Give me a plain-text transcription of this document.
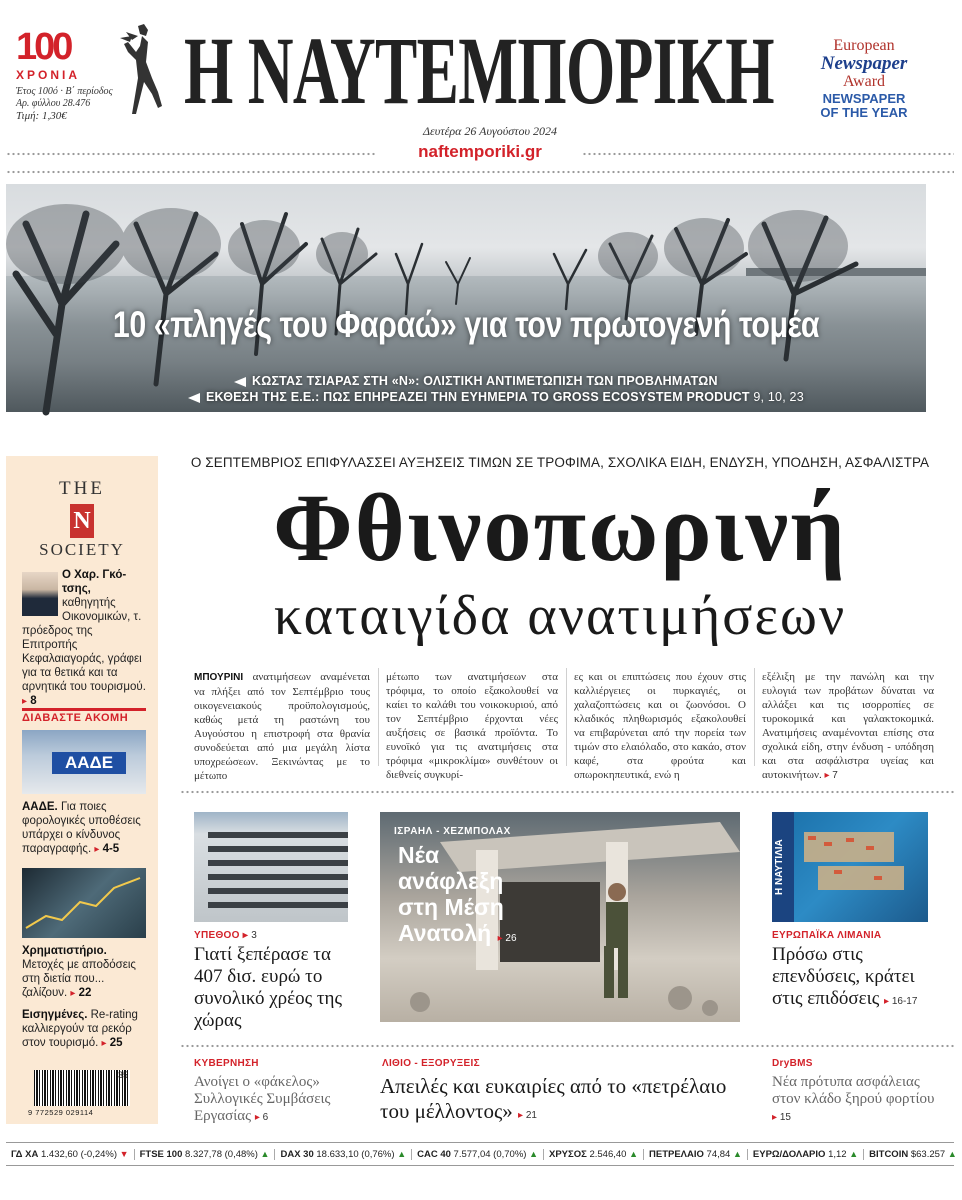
100
ΧΡΟΝΙΑ
Έτος 100ό · Β΄ περίοδος
Αρ. φύλλου 28.476
Τιμή: 1,30€	Η ΝΑΥΤΕΜΠΟΡΙΚΗ
Δευτέρα 26 Αυγούστου 2024
naftemporiki.gr
European
Newspaper
Award
NEWSPAPER
OF THE YEAR
10 «πληγές του Φαραώ» για τον πρωτογενή τομέα
ΚΩΣΤΑΣ ΤΣΙΑΡΑΣ ΣΤΗ «Ν»: ΟΛΙΣΤΙΚΗ ΑΝΤΙΜΕΤΩΠΙΣΗ ΤΩΝ ΠΡΟΒΛΗΜΑΤΩΝ
ΕΚΘΕΣΗ ΤΗΣ Ε.Ε.: ΠΩΣ ΕΠΗΡΕΑΖΕΙ ΤΗΝ ΕΥΗΜΕΡΙΑ ΤΟ GROSS ECOSYSTEM PRODUCT 9, 10, 23
THE
N
SOCIETY
Ο Χαρ. Γκό-τσης, καθηγητής Οικονομικών, τ. πρόεδρος της Επιτροπής Κεφαλαιαγοράς, γράφει για τα θετικά και τα αρνητικά του τουρισμού. ▸ 8
ΔΙΑΒΑΣΤΕ ΑΚΟΜΗ
ΑΑΔΕ
ΑΑΔΕ. Για ποιες φορολογικές υποθέσεις υπάρχει ο κίνδυνος παραγραφής. ▸ 4-5
Χρηματιστήριο. Μετοχές με αποδόσεις στη διετία που... ζαλίζουν. ▸ 22
Εισηγμένες. Re-rating καλλιεργούν τα ρεκόρ στον τουρισμό. ▸ 25
35
9 772529 029114
Ο ΣΕΠΤΕΜΒΡΙΟΣ ΕΠΙΦΥΛΑΣΣΕΙ ΑΥΞΗΣΕΙΣ ΤΙΜΩΝ ΣΕ ΤΡΟΦΙΜΑ, ΣΧΟΛΙΚΑ ΕΙΔΗ, ΕΝΔΥΣΗ, ΥΠΟΔΗΣΗ, ΑΣΦΑΛΙΣΤΡΑ
Φθινοπωρινή
καταιγίδα ανατιμήσεων
ΜΠΟΥΡΙΝΙ ανατιμήσεων αναμένεται να πλήξει από τον Σεπτέμβριο τους οικογενειακούς προϋπολογισμούς, καθώς μετά τη ραστώνη του Αυγούστου η επιστροφή στα θρανία συνοδεύεται από μια μεγάλη λίστα υποχρεώσεων. Ξεκινώντας με το μέτωπο
μέτωπο των ανατιμήσεων στα τρόφιμα, το οποίο εξακολουθεί να καίει το καλάθι του νοικοκυριού, από τον Σεπτέμβριο έρχονται νέες αυξήσεις σε βασικά προϊόντα. Το ευνοϊκό για τις ανατιμήσεις στα τρόφιμα «μικροκλίμα» συνθέτουν οι διεθνείς συγκυρί-
ες και οι επιπτώσεις που έχουν στις καλλιέργειες οι πυρκαγιές, οι χαλαζοπτώσεις και οι ζωονόσοι. Ο κλαδικός πληθωρισμός εξακολουθεί να επιβαρύνεται από την πορεία των τιμών στο ελαιόλαδο, στο κακάο, στον καφέ, στα φρούτα και οπωροκηπευτικά, ενώ η
εξέλιξη με την πανώλη και την ευλογιά των προβάτων δύναται να αλλάξει και τις ισορροπίες σε τυροκομικά και γαλακτοκομικά. Ανατιμήσεις αναμένονται επίσης στα σχολικά είδη, στην ένδυση - υπόδηση και στα ασφάλιστρα υγείας και αυτοκινήτων. ▸ 7
ΥΠΕΘΟΟ ▸ 3
Γιατί ξεπέρασε τα 407 δισ. ευρώ το συνολικό χρέος της χώρας
ΙΣΡΑΗΛ - ΧΕΖΜΠΟΛΑΧ
Νέα ανάφλεξη στη Μέση Ανατολή ▸ 26
Η ΝΑΥΤΙΛΙΑ
ΕΥΡΩΠΑΪΚΑ ΛΙΜΑΝΙΑ
Πρόσω στις επενδύσεις, κράτει στις επιδόσεις ▸ 16-17
ΚΥΒΕΡΝΗΣΗ
Ανοίγει ο «φάκελος» Συλλογικές Συμβάσεις Εργασίας ▸ 6
ΛΙΘΙΟ - ΕΞΟΡΥΞΕΙΣ
Απειλές και ευκαιρίες από το «πετρέλαιο του μέλλοντος» ▸ 21
DryBMS
Νέα πρότυπα ασφάλειας στον κλάδο ξηρού φορτίου ▸ 15
ΓΔ ΧΑ 1.432,60 (-0,24%) ▼	FTSE 100 8.327,78 (0,48%) ▲	DAX 30 18.633,10 (0,76%) ▲	CAC 40 7.577,04 (0,70%) ▲	ΧΡΥΣΟΣ 2.546,40 ▲	ΠΕΤΡΕΛΑΙΟ 74,84 ▲	ΕΥΡΩ/ΔΟΛΑΡΙΟ 1,12 ▲	BITCOIN $63.257 ▲
